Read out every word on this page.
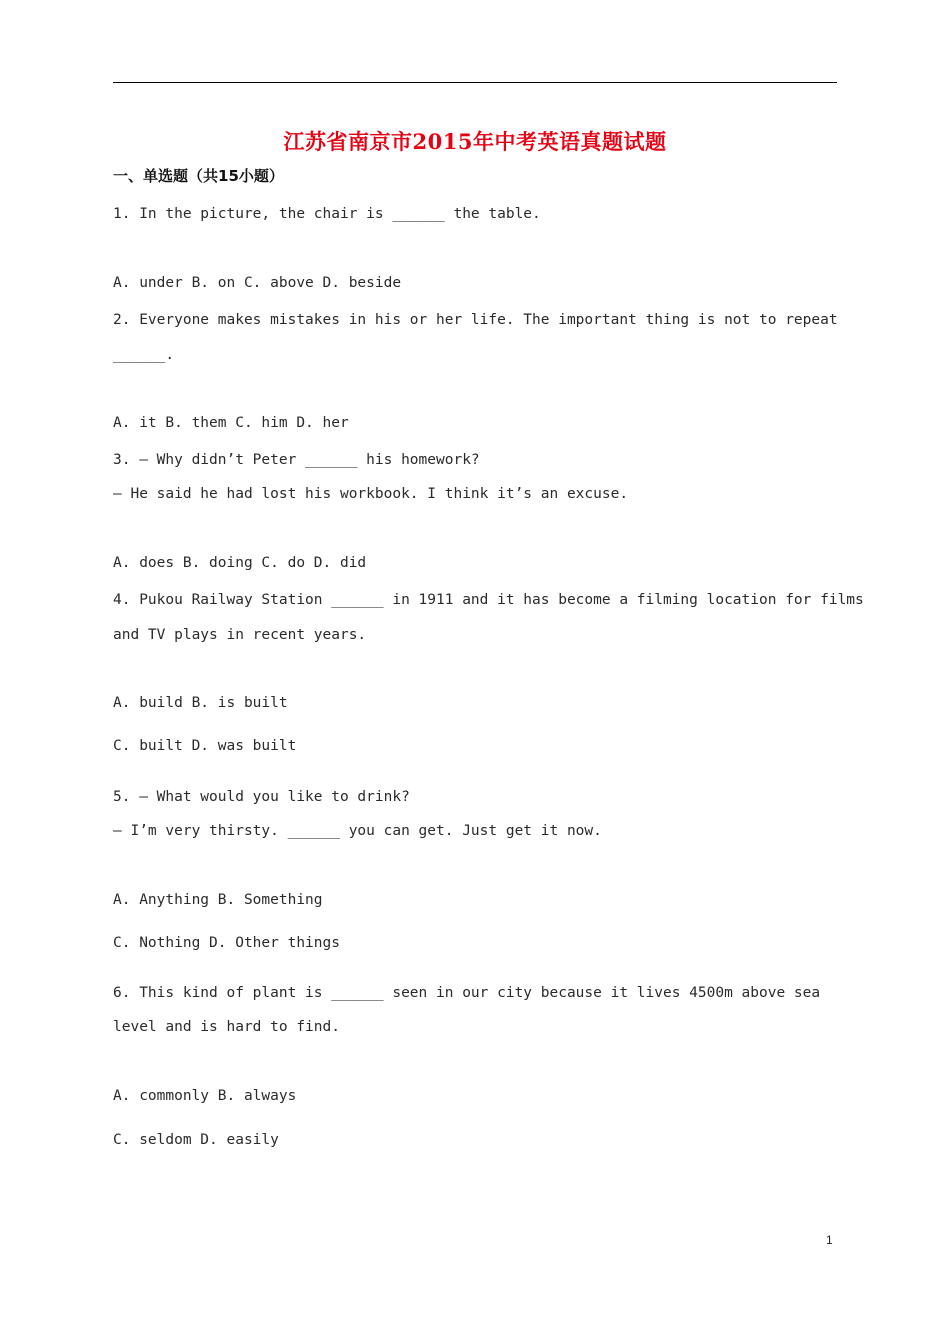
江苏省南京市2015年中考英语真题试题
一、单选题（共15小题）
1. In the picture, the chair is ______ the table.
A. under B. on C. above D. beside
2. Everyone makes mistakes in his or her life. The important thing is not to repeat
______.
A. it B. them C. him D. her
3. — Why didn’t Peter ______ his homework?
— He said he had lost his workbook. I think it’s an excuse.
A. does B. doing C. do D. did
4. Pukou Railway Station ______ in 1911 and it has become a filming location for films
and TV plays in recent years.
A. build B. is built
C. built D. was built
5. — What would you like to drink?
— I’m very thirsty. ______ you can get. Just get it now.
A. Anything B. Something
C. Nothing D. Other things
6. This kind of plant is ______ seen in our city because it lives 4500m above sea
level and is hard to find.
A. commonly B. always
C. seldom D. easily
1
